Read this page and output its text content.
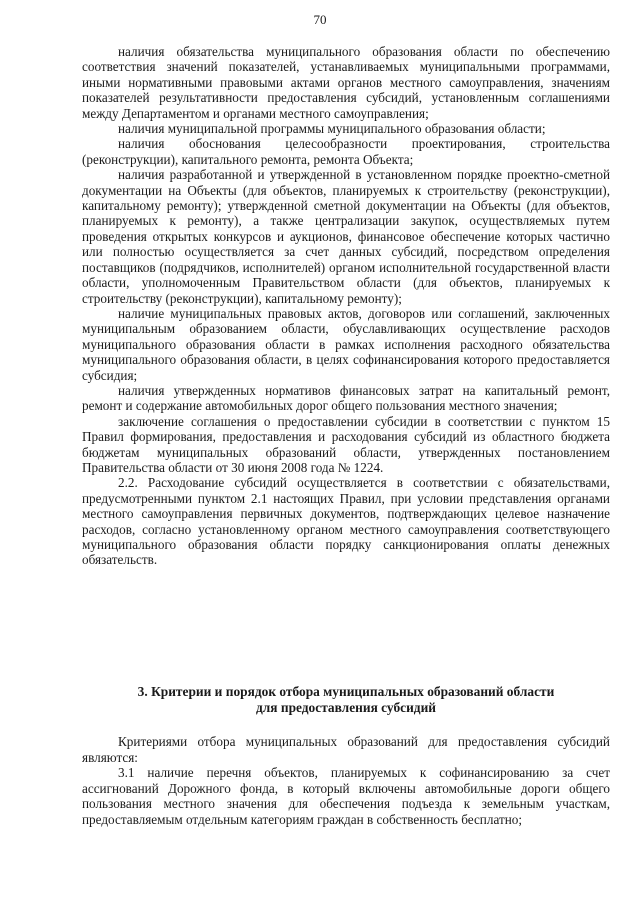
70

наличия обязательства муниципального образования области по обеспечению соответствия значений показателей, устанавливаемых муниципальными программами, иными нормативными правовыми актами органов местного самоуправления, значениям показателей результативности предоставления субсидий, установленным соглашениями между Департаментом и органами местного самоуправления;

наличия муниципальной программы муниципального образования области;

наличия обоснования целесообразности проектирования, строительства (реконструкции), капитального ремонта, ремонта Объекта;

наличия разработанной и утвержденной в установленном порядке проектно-сметной документации на Объекты (для объектов, планируемых к строительству (реконструкции), капитальному ремонту); утвержденной сметной документации на Объекты (для объектов, планируемых к ремонту), а также централизации закупок, осуществляемых путем проведения открытых конкурсов и аукционов, финансовое обеспечение которых частично или полностью осуществляется за счет данных субсидий, посредством определения поставщиков (подрядчиков, исполнителей) органом исполнительной государственной власти области, уполномоченным Правительством области (для объектов, планируемых к строительству (реконструкции), капитальному ремонту);

наличие муниципальных правовых актов, договоров или соглашений, заключенных муниципальным образованием области, обуславливающих осуществление расходов муниципального образования области в рамках исполнения расходного обязательства муниципального образования области, в целях софинансирования которого предоставляется субсидия;

наличия утвержденных нормативов финансовых затрат на капитальный ремонт, ремонт и содержание автомобильных дорог общего пользования местного значения;

заключение соглашения о предоставлении субсидии в соответствии с пунктом 15 Правил формирования, предоставления и расходования субсидий из областного бюджета бюджетам муниципальных образований области, утвержденных постановлением Правительства области от 30 июня 2008 года № 1224.

2.2. Расходование субсидий осуществляется в соответствии с обязательствами, предусмотренными пунктом 2.1 настоящих Правил, при условии представления органами местного самоуправления первичных документов, подтверждающих целевое назначение расходов, согласно установленному органом местного самоуправления соответствующего муниципального образования области порядку санкционирования оплаты денежных обязательств.

3. Критерии и порядок отбора муниципальных образований области
для предоставления субсидий

Критериями отбора муниципальных образований для предоставления субсидий являются:

3.1 наличие перечня объектов, планируемых к софинансированию за счет ассигнований Дорожного фонда, в который включены автомобильные дороги общего пользования местного значения для обеспечения подъезда к земельным участкам, предоставляемым отдельным категориям граждан в собственность бесплатно;
